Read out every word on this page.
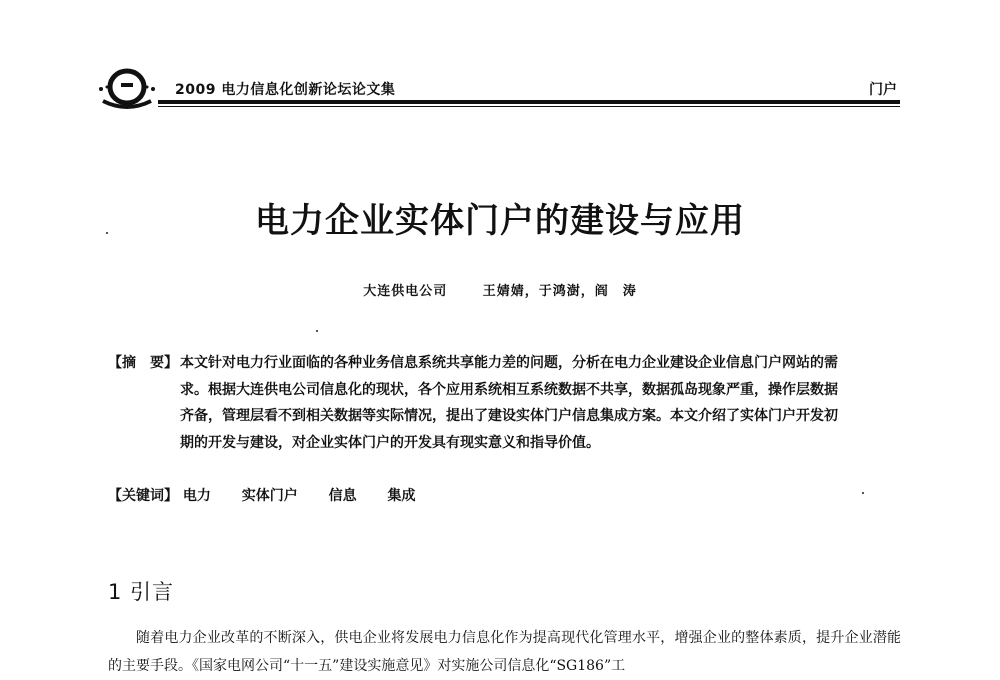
2009 电力信息化创新论坛论文集	门户
电力企业实体门户的建设与应用
大连供电公司	王婧婧，于鸿澍，阎　涛
【摘　要】 本文针对电力行业面临的各种业务信息系统共享能力差的问题，分析在电力企业建设企业信息门户网站的需求。根据大连供电公司信息化的现状，各个应用系统相互系统数据不共享，数据孤岛现象严重，操作层数据齐备，管理层看不到相关数据等实际情况，提出了建设实体门户信息集成方案。本文介绍了实体门户开发初期的开发与建设，对企业实体门户的开发具有现实意义和指导价值。
【关键词】 电力 实体门户 信息 集成
1 引言
随着电力企业改革的不断深入，供电企业将发展电力信息化作为提高现代化管理水平，增强企业的整体素质，提升企业潜能的主要手段。《国家电网公司“十一五”建设实施意见》对实施公司信息化“SG186”工
